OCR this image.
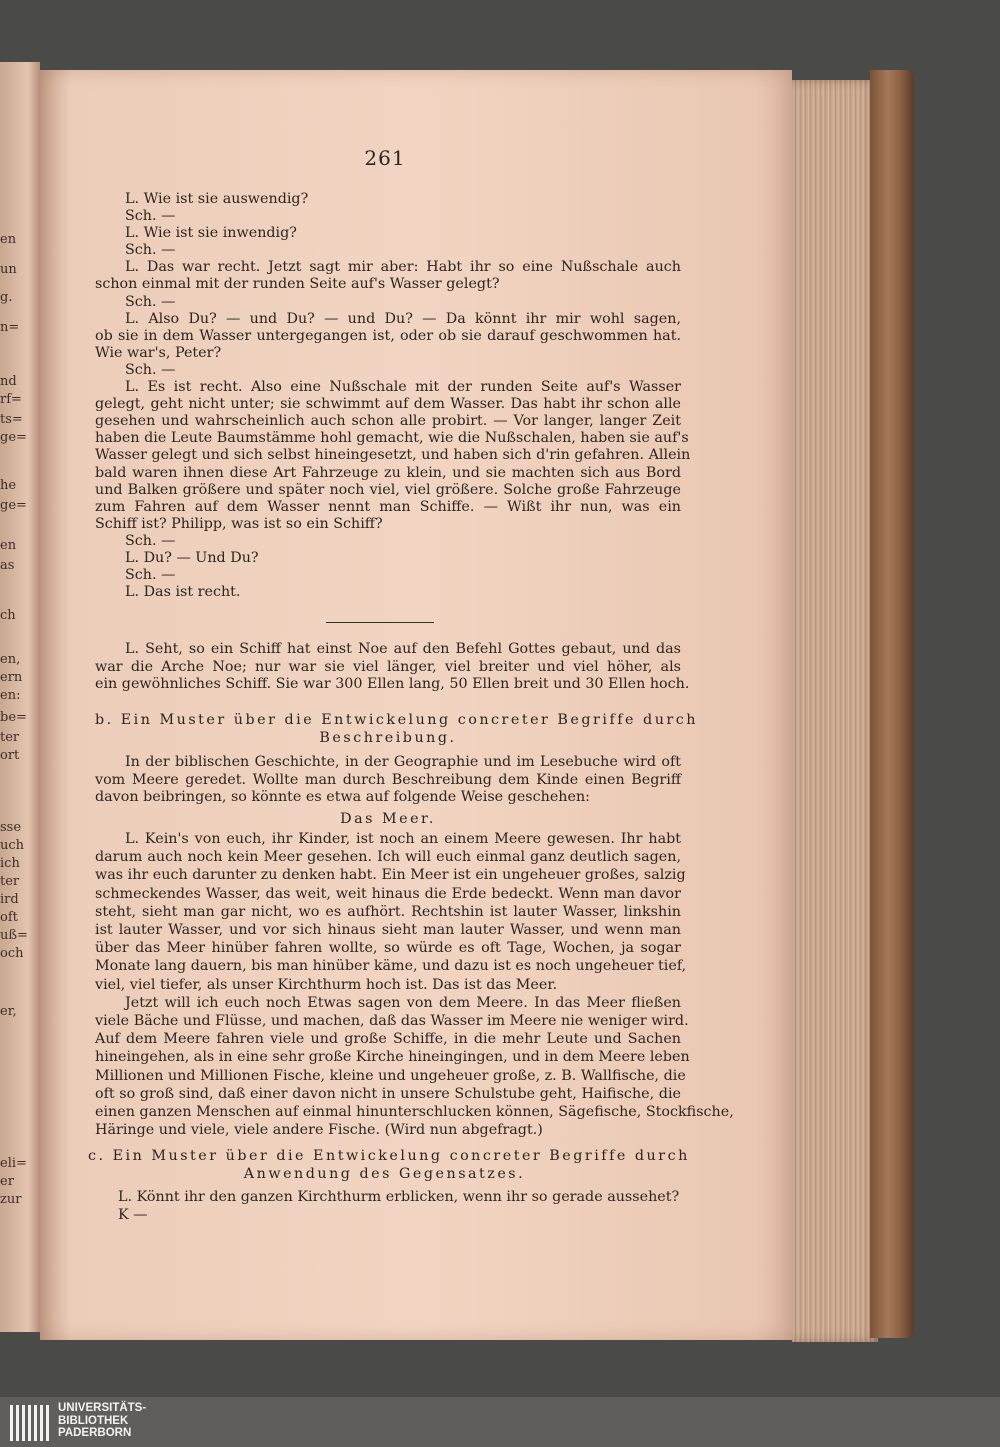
en
un
g.
n=
nd
rf=
ts=
ge=
he
ge=
en
as
ch
en,
ern
en:
be=
ter
ort
sse
uch
ich
ter
ird
oft
uß=
och
er,
eli=
er
zur
261
L. Wie ist sie auswendig?
Sch. —
L. Wie ist sie inwendig?
Sch. —
L. Das war recht. Jetzt sagt mir aber: Habt ihr so eine Nußschale auch
schon einmal mit der runden Seite auf's Wasser gelegt?
Sch. —
L. Also Du? — und Du? — und Du? — Da könnt ihr mir wohl sagen,
ob sie in dem Wasser untergegangen ist, oder ob sie darauf geschwommen hat.
Wie war's, Peter?
Sch. —
L. Es ist recht. Also eine Nußschale mit der runden Seite auf's Wasser
gelegt, geht nicht unter; sie schwimmt auf dem Wasser. Das habt ihr schon alle
gesehen und wahrscheinlich auch schon alle probirt. — Vor langer, langer Zeit
haben die Leute Baumstämme hohl gemacht, wie die Nußschalen, haben sie auf's
Wasser gelegt und sich selbst hineingesetzt, und haben sich d'rin gefahren. Allein
bald waren ihnen diese Art Fahrzeuge zu klein, und sie machten sich aus Bord
und Balken größere und später noch viel, viel größere. Solche große Fahrzeuge
zum Fahren auf dem Wasser nennt man Schiffe. — Wißt ihr nun, was ein
Schiff ist? Philipp, was ist so ein Schiff?
Sch. —
L. Du? — Und Du?
Sch. —
L. Das ist recht.
L. Seht, so ein Schiff hat einst Noe auf den Befehl Gottes gebaut, und das
war die Arche Noe; nur war sie viel länger, viel breiter und viel höher, als
ein gewöhnliches Schiff. Sie war 300 Ellen lang, 50 Ellen breit und 30 Ellen hoch.
b. Ein Muster über die Entwickelung concreter Begriffe durch
Beschreibung.
In der biblischen Geschichte, in der Geographie und im Lesebuche wird oft
vom Meere geredet. Wollte man durch Beschreibung dem Kinde einen Begriff
davon beibringen, so könnte es etwa auf folgende Weise geschehen:
Das Meer.
L. Kein's von euch, ihr Kinder, ist noch an einem Meere gewesen. Ihr habt
darum auch noch kein Meer gesehen. Ich will euch einmal ganz deutlich sagen,
was ihr euch darunter zu denken habt. Ein Meer ist ein ungeheuer großes, salzig
schmeckendes Wasser, das weit, weit hinaus die Erde bedeckt. Wenn man davor
steht, sieht man gar nicht, wo es aufhört. Rechtshin ist lauter Wasser, linkshin
ist lauter Wasser, und vor sich hinaus sieht man lauter Wasser, und wenn man
über das Meer hinüber fahren wollte, so würde es oft Tage, Wochen, ja sogar
Monate lang dauern, bis man hinüber käme, und dazu ist es noch ungeheuer tief,
viel, viel tiefer, als unser Kirchthurm hoch ist. Das ist das Meer.
Jetzt will ich euch noch Etwas sagen von dem Meere. In das Meer fließen
viele Bäche und Flüsse, und machen, daß das Wasser im Meere nie weniger wird.
Auf dem Meere fahren viele und große Schiffe, in die mehr Leute und Sachen
hineingehen, als in eine sehr große Kirche hineingingen, und in dem Meere leben
Millionen und Millionen Fische, kleine und ungeheuer große, z. B. Wallfische, die
oft so groß sind, daß einer davon nicht in unsere Schulstube geht, Haifische, die
einen ganzen Menschen auf einmal hinunterschlucken können, Sägefische, Stockfische,
Häringe und viele, viele andere Fische. (Wird nun abgefragt.)
c. Ein Muster über die Entwickelung concreter Begriffe durch
Anwendung des Gegensatzes.
L. Könnt ihr den ganzen Kirchthurm erblicken, wenn ihr so gerade aussehet?
K —
UNIVERSITÄTS-
BIBLIOTHEK
PADERBORN
